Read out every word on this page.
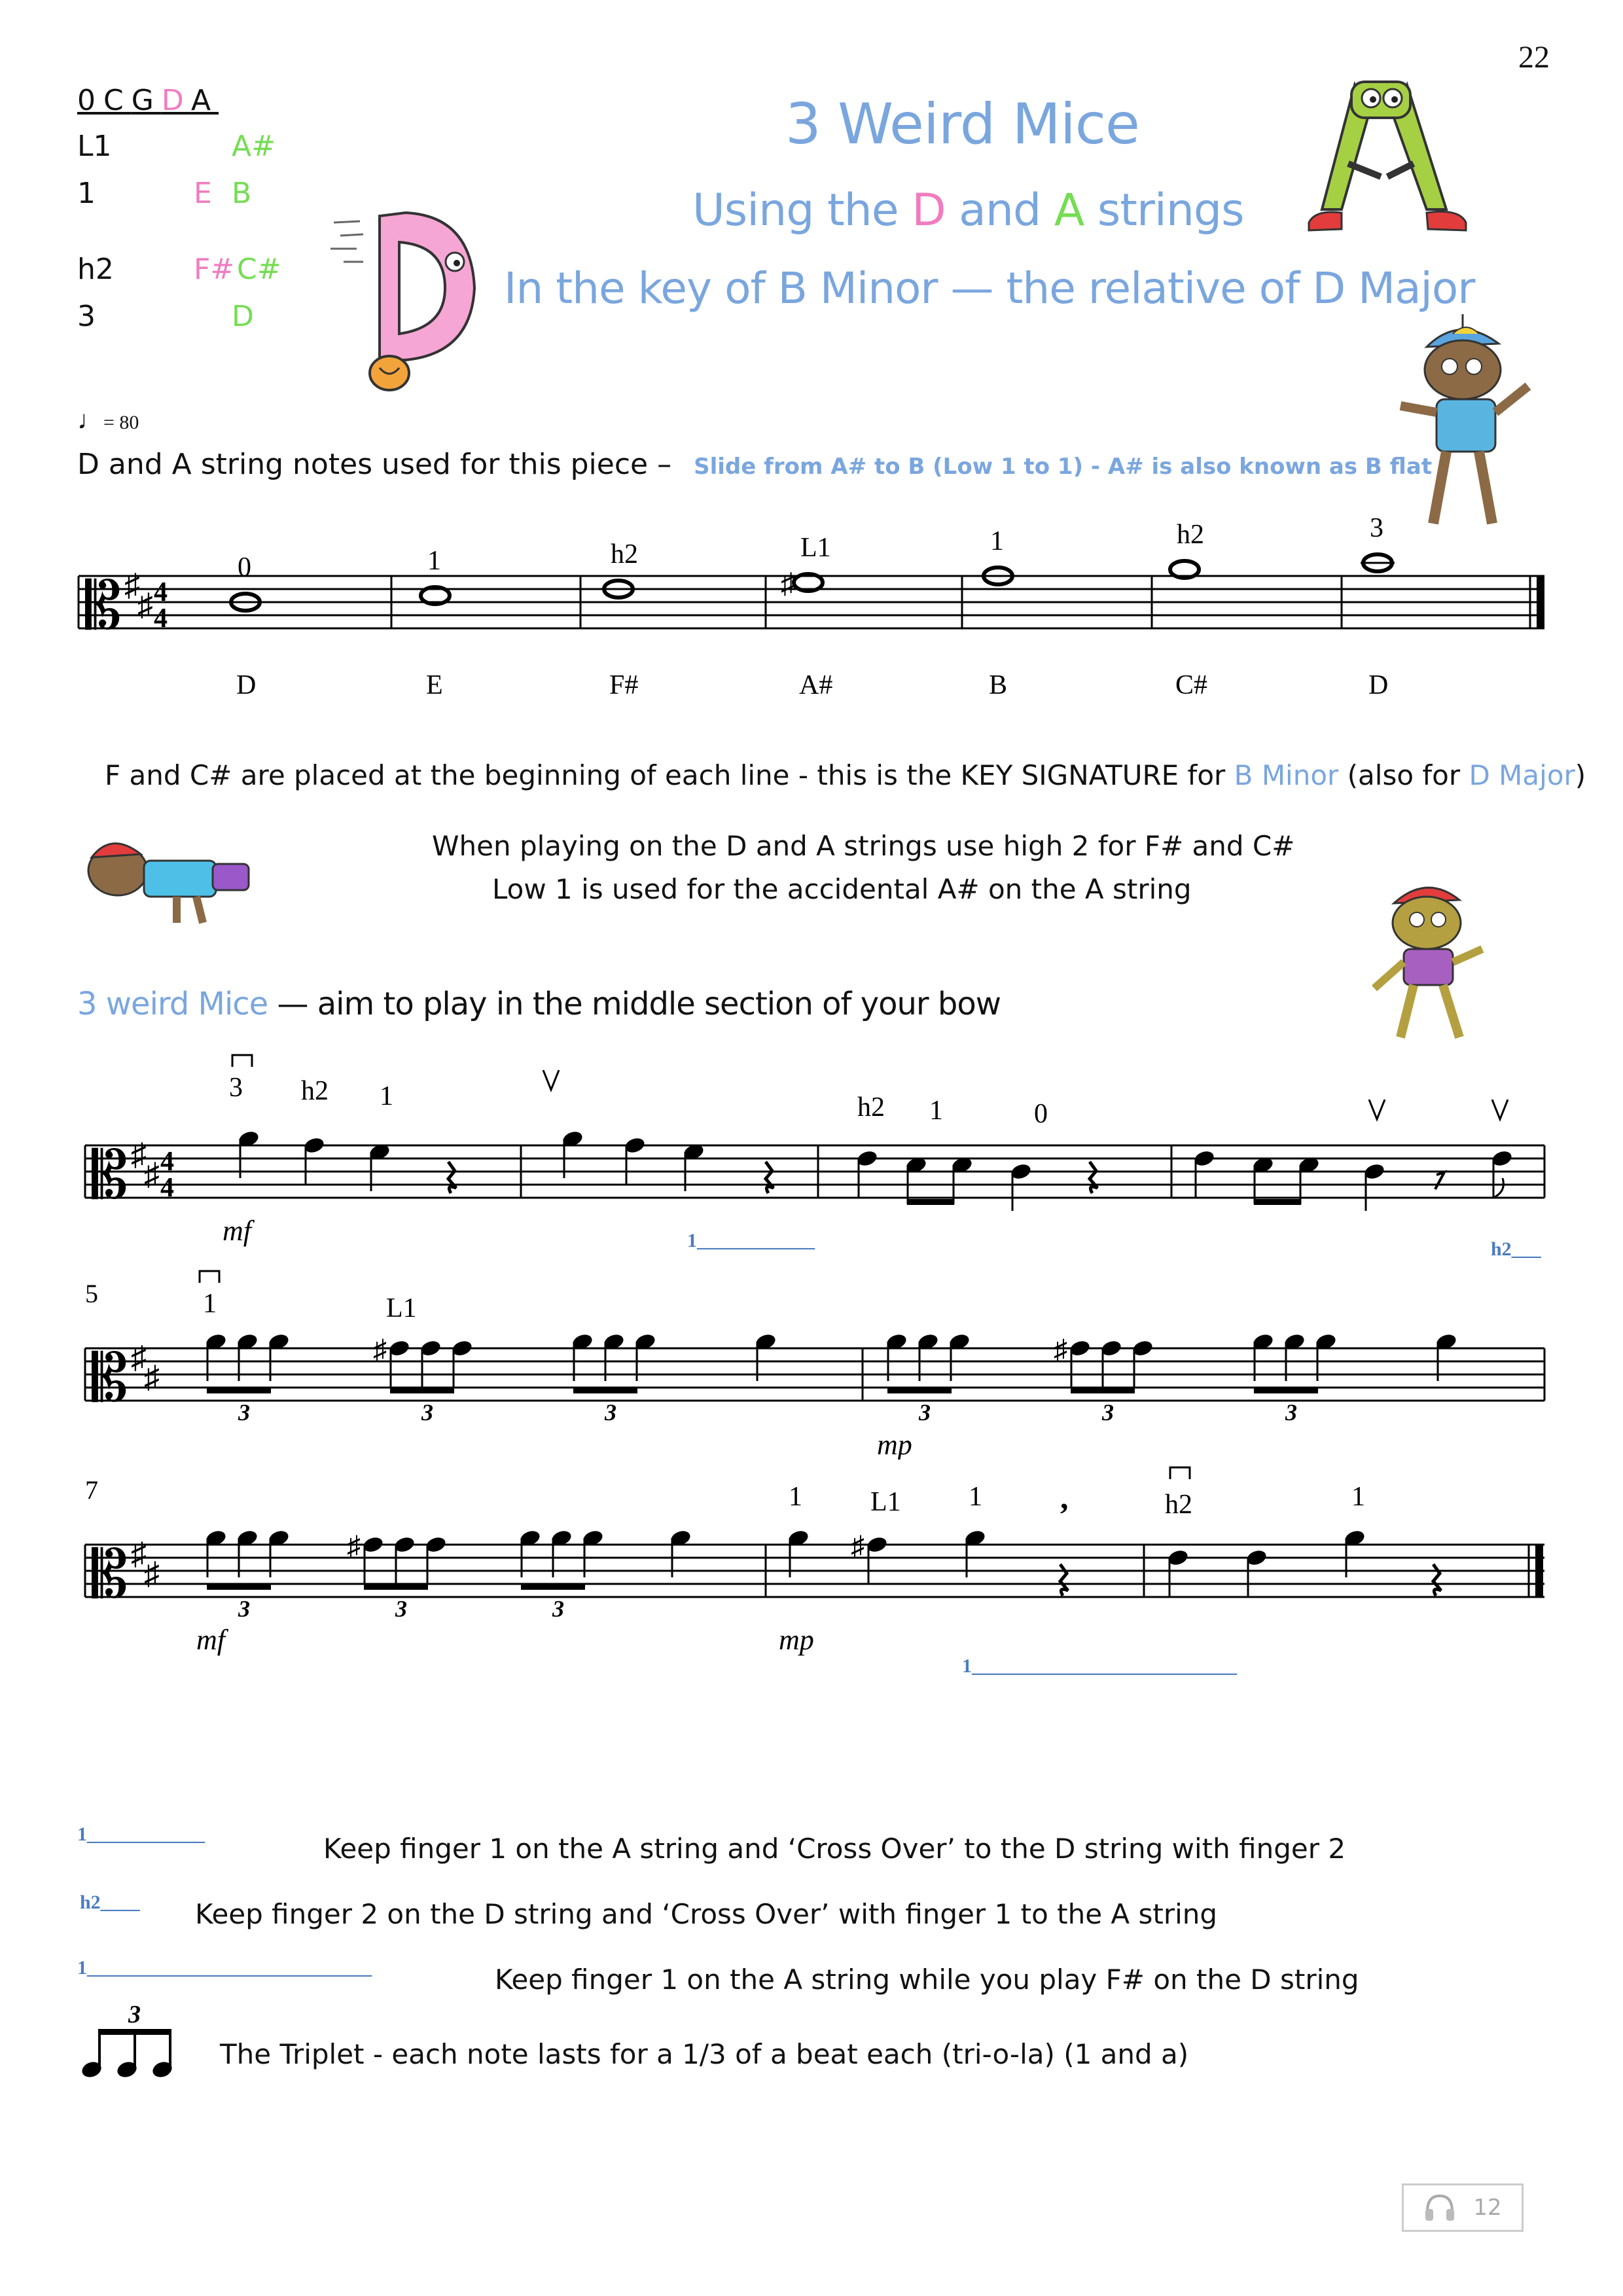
22
0CGDA
L1	A#
1	E B
h2	F# C#
3	D
3 Weird Mice
Using the D and A strings
In the key of B Minor — the relative of D Major
♩= 80
D and A string notes used for this piece – Slide from A# to B (Low 1 to 1) - A# is also known as B flat
𝄡 ♯
♯ 4
4
0
D
1
E
h2
F#
♯
L1
A#
1
B
h2
C#
3
D
F and C# are placed at the beginning of each line - this is the KEY SIGNATURE for B Minor (also for D Major)
When playing on the D and A strings use high 2 for F# and C#
Low 1 is used for the accidental A# on the A string
3 weird Mice — aim to play in the middle section of your bow
𝄡 ♯
♯ 4
4
3 h2 1	h2 1	0
mf	1____________	h2___
𝄡 ♯
♯
5	1	L1
3
♯
3	3	3
♯
3	3
mp
𝄡 ♯
♯
7
3
♯
3	3
♯
1 L1 1 ,	h2	1
mf	mp
1___________________________
1____________	Keep finger 1 on the A string and ‘Cross Over’ to the D string with finger 2
h2____ Keep finger 2 on the D string and ‘Cross Over’ with finger 1 to the A string
1_____________________________	Keep finger 1 on the A string while you play F# on the D string
3
The Triplet - each note lasts for a 1/3 of a beat each (tri-o-la) (1 and a)
12
